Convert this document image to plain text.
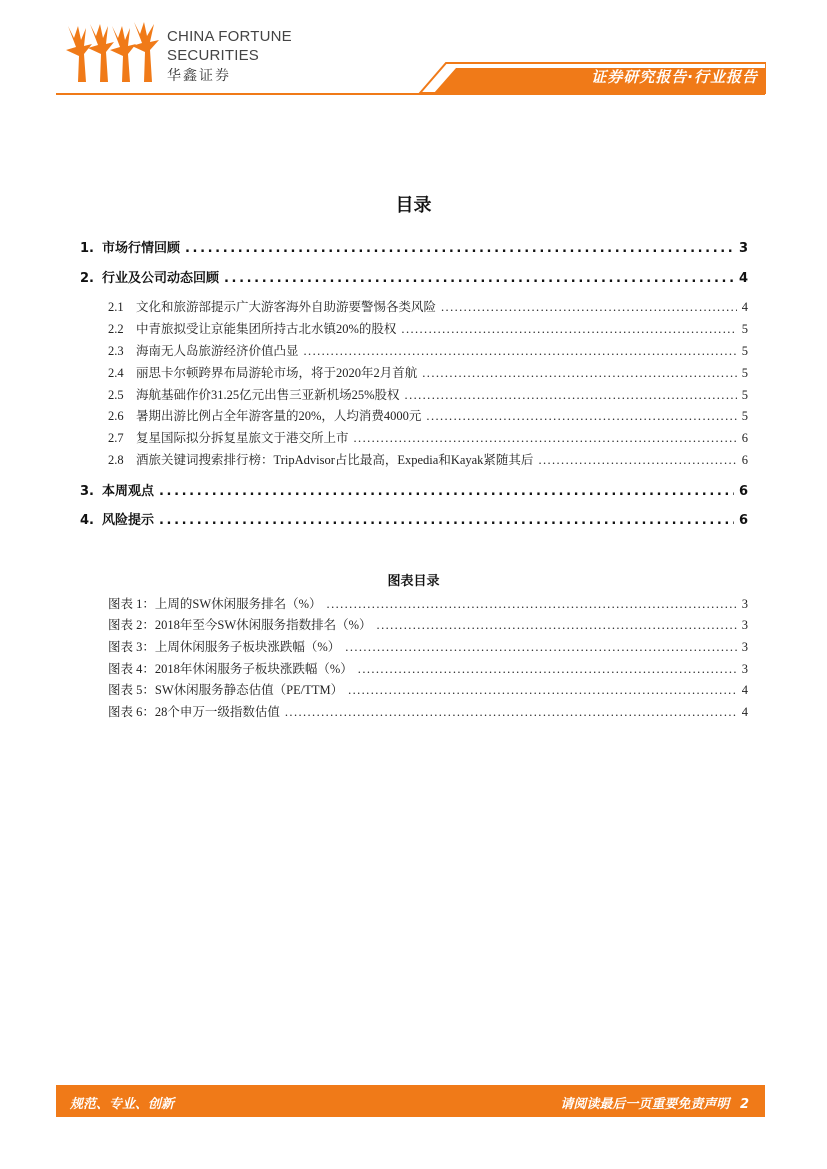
CHINA FORTUNE
SECURITIES
华鑫证券	证券研究报告·行业报告
目录
1. 市场行情回顾 .....	3
2. 行业及公司动态回顾 .....	4
2.1 文化和旅游部提示广大游客海外自助游要警惕各类风险 .....	4
2.2 中青旅拟受让京能集团所持古北水镇20%的股权 .....	5
2.3 海南无人岛旅游经济价值凸显 .....	5
2.4 丽思卡尔顿跨界布局游轮市场，将于2020年2月首航 .....	5
2.5 海航基础作价31.25亿元出售三亚新机场25%股权 .....	5
2.6 暑期出游比例占全年游客量的20%，人均消费4000元 .....	5
2.7 复星国际拟分拆复星旅文于港交所上市 .....	6
2.8 酒旅关键词搜索排行榜：TripAdvisor占比最高，Expedia和Kayak紧随其后 .....	6
3. 本周观点 .....	6
4. 风险提示 .....	6
图表目录
图表 1：上周的SW休闲服务排名（%） .....	3
图表 2：2018年至今SW休闲服务指数排名（%） .....	3
图表 3：上周休闲服务子板块涨跌幅（%） .....	3
图表 4：2018年休闲服务子板块涨跌幅（%） .....	3
图表 5：SW休闲服务静态估值（PE/TTM） .....	4
图表 6：28个申万一级指数估值 .....	4
规范、专业、创新	请阅读最后一页重要免责声明 2
